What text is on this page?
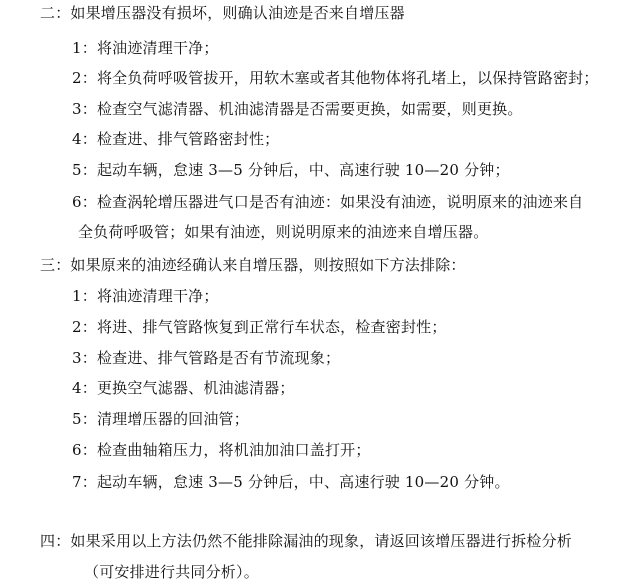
二：如果增压器没有损坏，则确认油迹是否来自增压器
1：将油迹清理干净；
2：将全负荷呼吸管拔开，用软木塞或者其他物体将孔堵上，以保持管路密封；
3：检查空气滤清器、机油滤清器是否需要更换，如需要，则更换。
4：检查进、排气管路密封性；
5：起动车辆，怠速 3—5 分钟后，中、高速行驶 10—20 分钟；
6：检查涡轮增压器进气口是否有油迹：如果没有油迹，说明原来的油迹来自
全负荷呼吸管；如果有油迹，则说明原来的油迹来自增压器。
三：如果原来的油迹经确认来自增压器，则按照如下方法排除：
1：将油迹清理干净；
2：将进、排气管路恢复到正常行车状态，检查密封性；
3：检查进、排气管路是否有节流现象；
4：更换空气滤器、机油滤清器；
5：清理增压器的回油管；
6：检查曲轴箱压力，将机油加油口盖打开；
7：起动车辆，怠速 3—5 分钟后，中、高速行驶 10—20 分钟。
四：如果采用以上方法仍然不能排除漏油的现象，请返回该增压器进行拆检分析
（可安排进行共同分析）。
